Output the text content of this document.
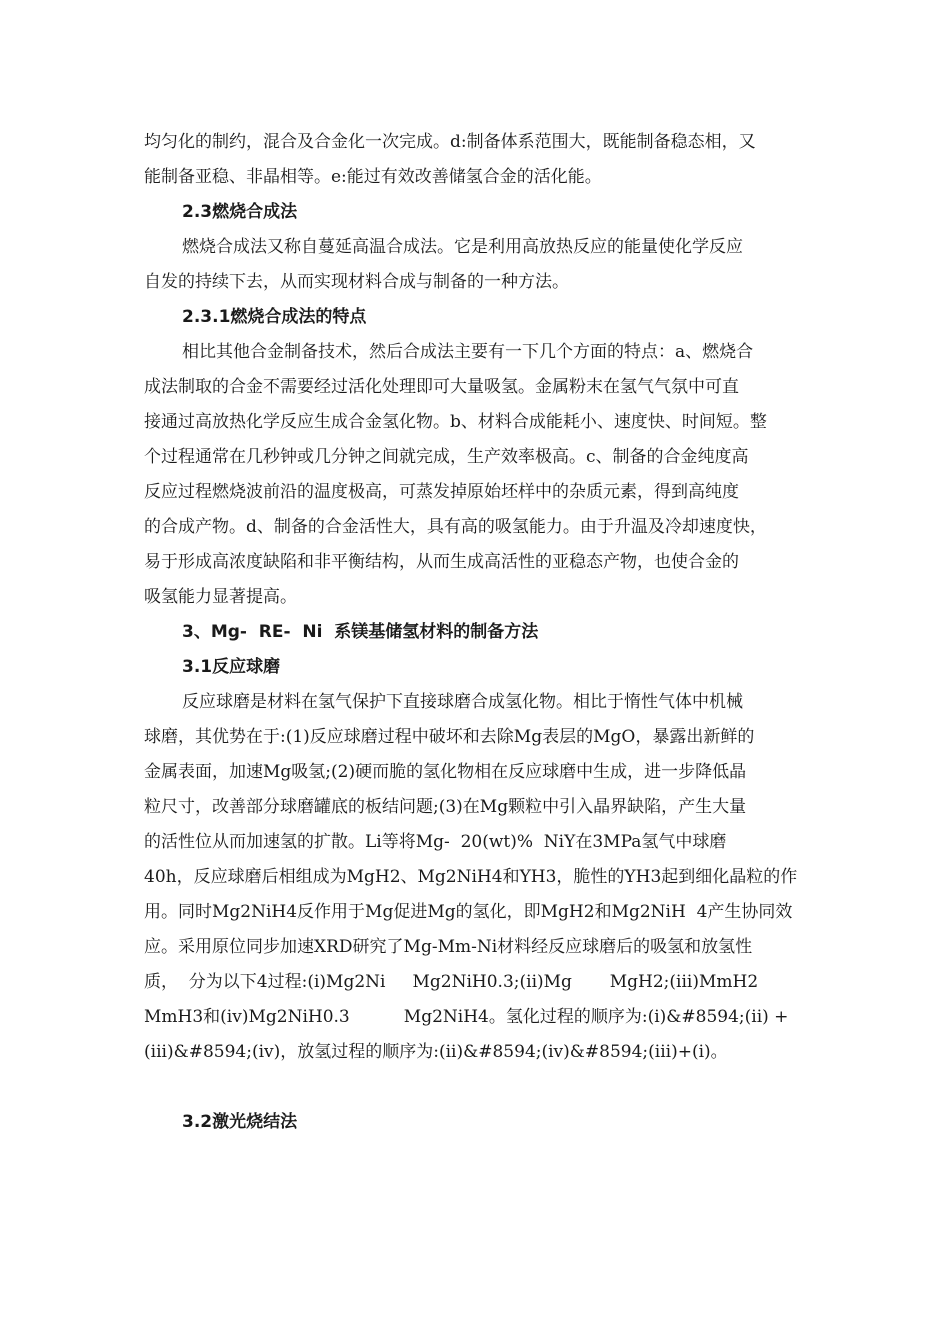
均匀化的制约，混合及合金化一次完成。d:制备体系范围大，既能制备稳态相，又
能制备亚稳、非晶相等。e:能过有效改善储氢合金的活化能。
2.3燃烧合成法
燃烧合成法又称自蔓延高温合成法。它是利用高放热反应的能量使化学反应
自发的持续下去，从而实现材料合成与制备的一种方法。
2.3.1燃烧合成法的特点
相比其他合金制备技术，然后合成法主要有一下几个方面的特点：a、燃烧合
成法制取的合金不需要经过活化处理即可大量吸氢。金属粉末在氢气气氛中可直
接通过高放热化学反应生成合金氢化物。b、材料合成能耗小、速度快、时间短。整
个过程通常在几秒钟或几分钟之间就完成，生产效率极高。c、制备的合金纯度高
反应过程燃烧波前沿的温度极高，可蒸发掉原始坯样中的杂质元素，得到高纯度
的合成产物。d、制备的合金活性大，具有高的吸氢能力。由于升温及冷却速度快，
易于形成高浓度缺陷和非平衡结构，从而生成高活性的亚稳态产物，也使合金的
吸氢能力显著提高。
3、Mg-  RE-  Ni  系镁基储氢材料的制备方法
3.1反应球磨
反应球磨是材料在氢气保护下直接球磨合成氢化物。相比于惰性气体中机械
球磨，其优势在于:(1)反应球磨过程中破坏和去除Mg表层的MgO，暴露出新鲜的
金属表面，加速Mg吸氢;(2)硬而脆的氢化物相在反应球磨中生成，进一步降低晶
粒尺寸，改善部分球磨罐底的板结问题;(3)在Mg颗粒中引入晶界缺陷，产生大量
的活性位从而加速氢的扩散。Li等将Mg-  20(wt)%  NiY在3MPa氢气中球磨
40h，反应球磨后相组成为MgH2、Mg2NiH4和YH3，脆性的YH3起到细化晶粒的作
用。同时Mg2NiH4反作用于Mg促进Mg的氢化，即MgH2和Mg2NiH  4产生协同效
应。采用原位同步加速XRD研究了Mg-Mm-Ni材料经反应球磨后的吸氢和放氢性
质，  分为以下4过程:(i)Mg2Ni     Mg2NiH0.3;(ii)Mg       MgH2;(iii)MmH2
MmH3和(iv)Mg2NiH0.3          Mg2NiH4。氢化过程的顺序为:(i)&#8594;(ii) +
(iii)&#8594;(iv)，放氢过程的顺序为:(ii)&#8594;(iv)&#8594;(iii)+(i)。
3.2激光烧结法
